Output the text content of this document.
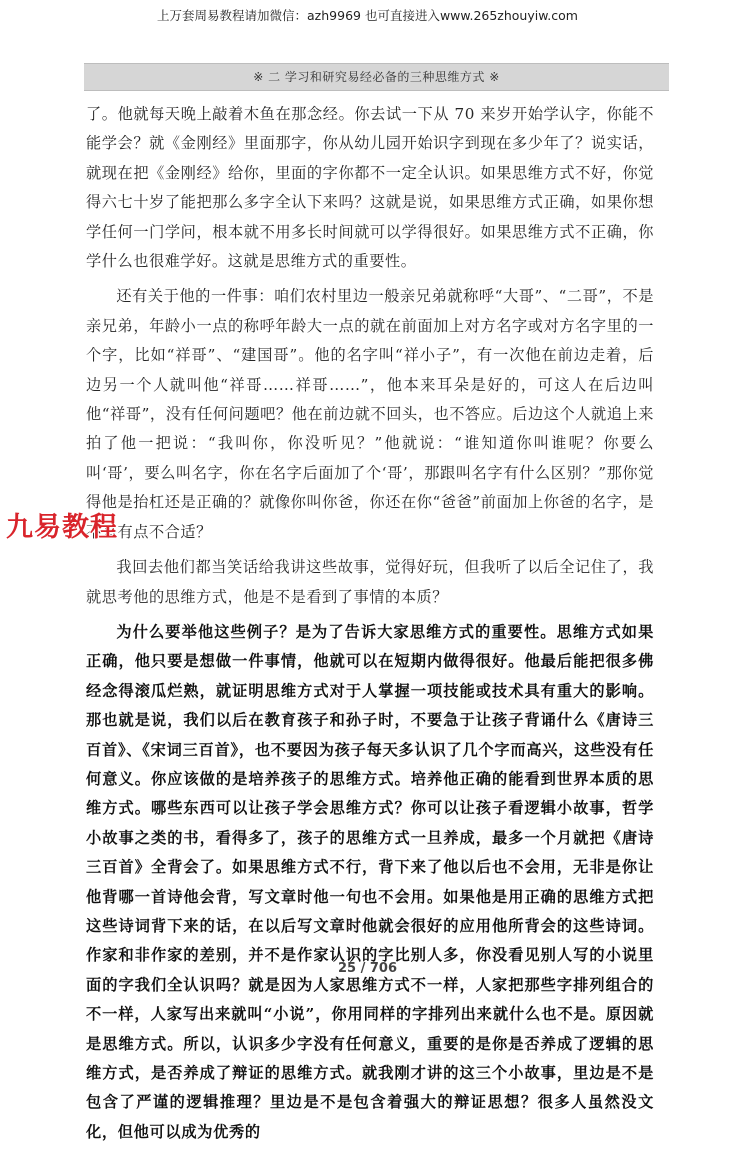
上万套周易教程请加微信：azh9969 也可直接进入www.265zhouyiw.com
※ 二 学习和研究易经必备的三种思维方式 ※

了。他就每天晚上敲着木鱼在那念经。你去试一下从 70 来岁开始学认字，你能不能学会？就《金刚经》里面那字，你从幼儿园开始识字到现在多少年了？说实话，就现在把《金刚经》给你，里面的字你都不一定全认识。如果思维方式不好，你觉得六七十岁了能把那么多字全认下来吗？这就是说，如果思维方式正确，如果你想学任何一门学问，根本就不用多长时间就可以学得很好。如果思维方式不正确，你学什么也很难学好。这就是思维方式的重要性。

还有关于他的一件事：咱们农村里边一般亲兄弟就称呼“大哥”、“二哥”，不是亲兄弟，年龄小一点的称呼年龄大一点的就在前面加上对方名字或对方名字里的一个字，比如“祥哥”、“建国哥”。他的名字叫“祥小子”，有一次他在前边走着，后边另一个人就叫他“祥哥……祥哥……”，他本来耳朵是好的，可这人在后边叫他“祥哥”，没有任何问题吧？他在前边就不回头，也不答应。后边这个人就追上来拍了他一把说：“我叫你，你没听见？”他就说：“谁知道你叫谁呢？你要么叫‘哥’，要么叫名字，你在名字后面加了个‘哥’，那跟叫名字有什么区别？”那你觉得他是抬杠还是正确的？就像你叫你爸，你还在你“爸爸”前面加上你爸的名字，是不是有点不合适？

我回去他们都当笑话给我讲这些故事，觉得好玩，但我听了以后全记住了，我就思考他的思维方式，他是不是看到了事情的本质？

为什么要举他这些例子？是为了告诉大家思维方式的重要性。思维方式如果正确，他只要是想做一件事情，他就可以在短期内做得很好。他最后能把很多佛经念得滚瓜烂熟，就证明思维方式对于人掌握一项技能或技术具有重大的影响。那也就是说，我们以后在教育孩子和孙子时，不要急于让孩子背诵什么《唐诗三百首》、《宋词三百首》，也不要因为孩子每天多认识了几个字而高兴，这些没有任何意义。你应该做的是培养孩子的思维方式。培养他正确的能看到世界本质的思维方式。哪些东西可以让孩子学会思维方式？你可以让孩子看逻辑小故事，哲学小故事之类的书，看得多了，孩子的思维方式一旦养成，最多一个月就把《唐诗三百首》全背会了。如果思维方式不行，背下来了他以后也不会用，无非是你让他背哪一首诗他会背，写文章时他一句也不会用。如果他是用正确的思维方式把这些诗词背下来的话，在以后写文章时他就会很好的应用他所背会的这些诗词。作家和非作家的差别，并不是作家认识的字比别人多，你没看见别人写的小说里面的字我们全认识吗？就是因为人家思维方式不一样，人家把那些字排列组合的不一样，人家写出来就叫“小说”，你用同样的字排列出来就什么也不是。原因就是思维方式。所以，认识多少字没有任何意义，重要的是你是否养成了逻辑的思维方式，是否养成了辩证的思维方式。就我刚才讲的这三个小故事，里边是不是包含了严谨的逻辑推理？里边是不是包含着强大的辩证思想？很多人虽然没文化，但他可以成为优秀的

九易教程
25 / 706
